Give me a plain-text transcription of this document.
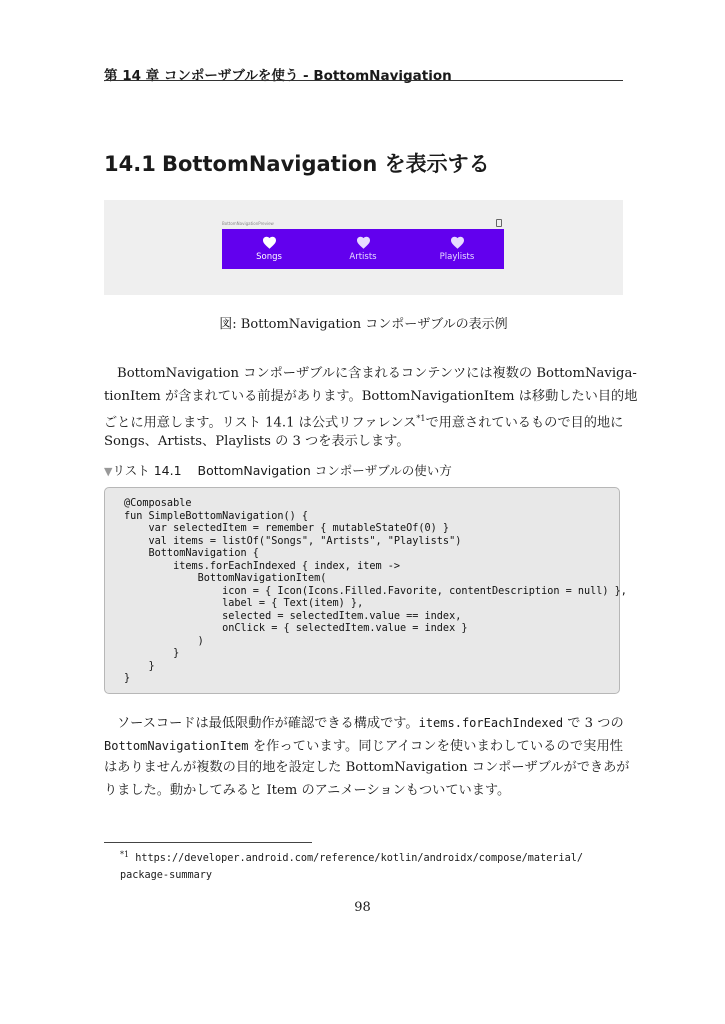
第 14 章 コンポーザブルを使う - BottomNavigation
14.1 BottomNavigation を表示する
BottomNavigationPreview
Songs	Artists	Playlists
図: BottomNavigation コンポーザブルの表示例
BottomNavigation コンポーザブルに含まれるコンテンツには複数の BottomNaviga-
tionItem が含まれている前提があります。BottomNavigationItem は移動したい目的地
ごとに用意します。リスト 14.1 は公式リファレンス$^{*1}$で用意されているもので目的地に
Songs、Artists、Playlists の 3 つを表示します。
▼リスト 14.1 BottomNavigation コンポーザブルの使い方
@Composable
fun SimpleBottomNavigation() {
var selectedItem = remember { mutableStateOf(0) }
val items = listOf("Songs", "Artists", "Playlists")
BottomNavigation {
items.forEachIndexed { index, item ->
BottomNavigationItem(
icon = { Icon(Icons.Filled.Favorite, contentDescription = null) },
label = { Text(item) },
selected = selectedItem.value == index,
onClick = { selectedItem.value = index }
)
}
}
}
ソースコードは最低限動作が確認できる構成です。items.forEachIndexed で 3 つの
BottomNavigationItem を作っています。同じアイコンを使いまわしているので実用性
はありませんが複数の目的地を設定した BottomNavigation コンポーザブルができあが
りました。動かしてみると Item のアニメーションもついています。
$^{*1}$ https://developer.android.com/reference/kotlin/androidx/compose/material/
package-summary
98
